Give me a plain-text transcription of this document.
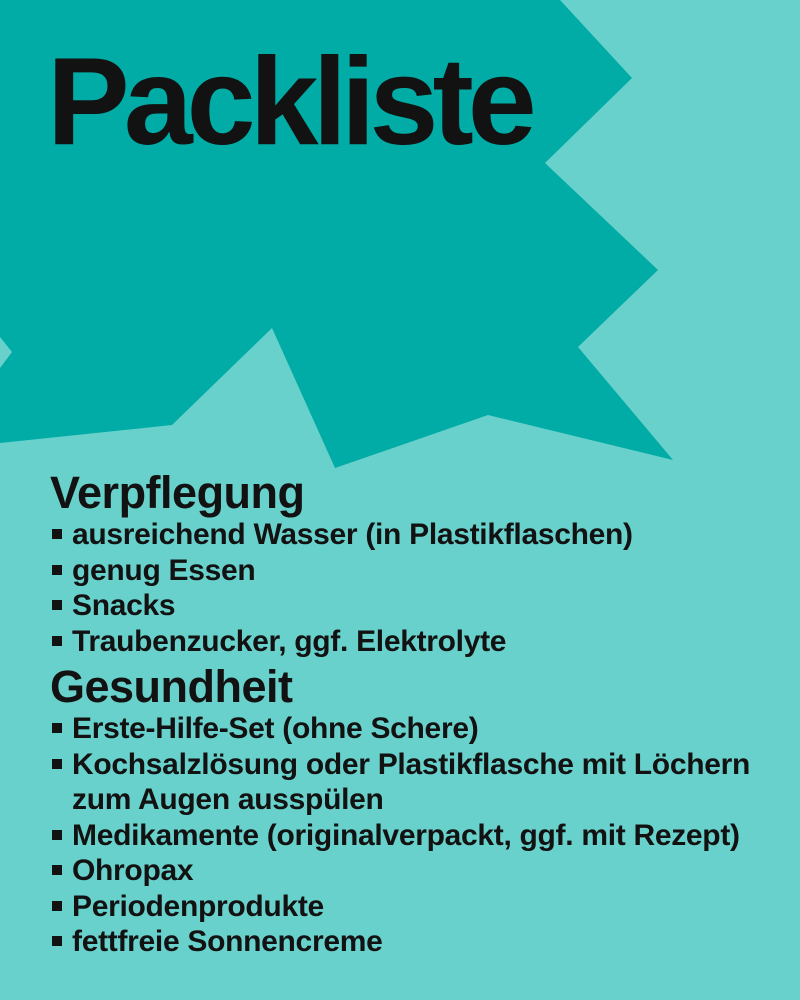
Packliste
Verpflegung
ausreichend Wasser (in Plastikflaschen)
genug Essen
Snacks
Traubenzucker, ggf. Elektrolyte
Gesundheit
Erste-Hilfe-Set (ohne Schere)
Kochsalzlösung oder Plastikflasche mit Löchern zum Augen ausspülen
Medikamente (originalverpackt, ggf. mit Rezept)
Ohropax
Periodenprodukte
fettfreie Sonnencreme
